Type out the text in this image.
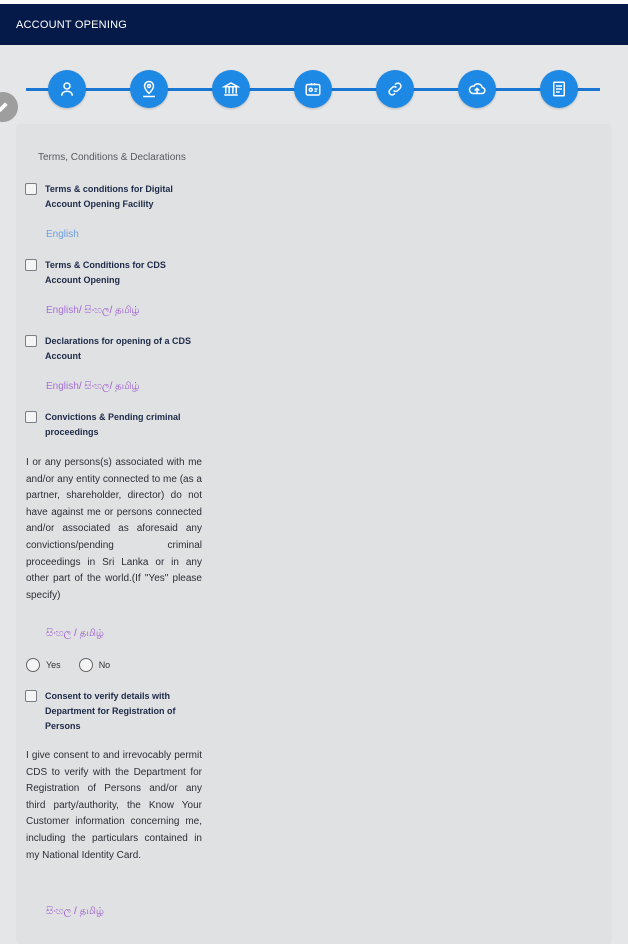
ACCOUNT OPENING
Terms, Conditions & Declarations
Terms & conditions for Digital Account Opening Facility
English
Terms & Conditions for CDS Account Opening
English/ සිංහල/ தமிழ்
Declarations for opening of a CDS Account
English/ සිංහල/ தமிழ்
Convictions & Pending criminal proceedings
I or any persons(s) associated with me and/or any entity connected to me (as a partner, shareholder, director) do not have against me or persons connected and/or associated as aforesaid any convictions/pending criminal proceedings in Sri Lanka or in any other part of the world.(If "Yes" please specify)
සිංහල / தமிழ்
Yes	No
Consent to verify details with Department for Registration of Persons
I give consent to and irrevocably permit CDS to verify with the Department for Registration of Persons and/or any third party/authority, the Know Your Customer information concerning me, including the particulars contained in my National Identity Card.
සිංහල / தமிழ்
